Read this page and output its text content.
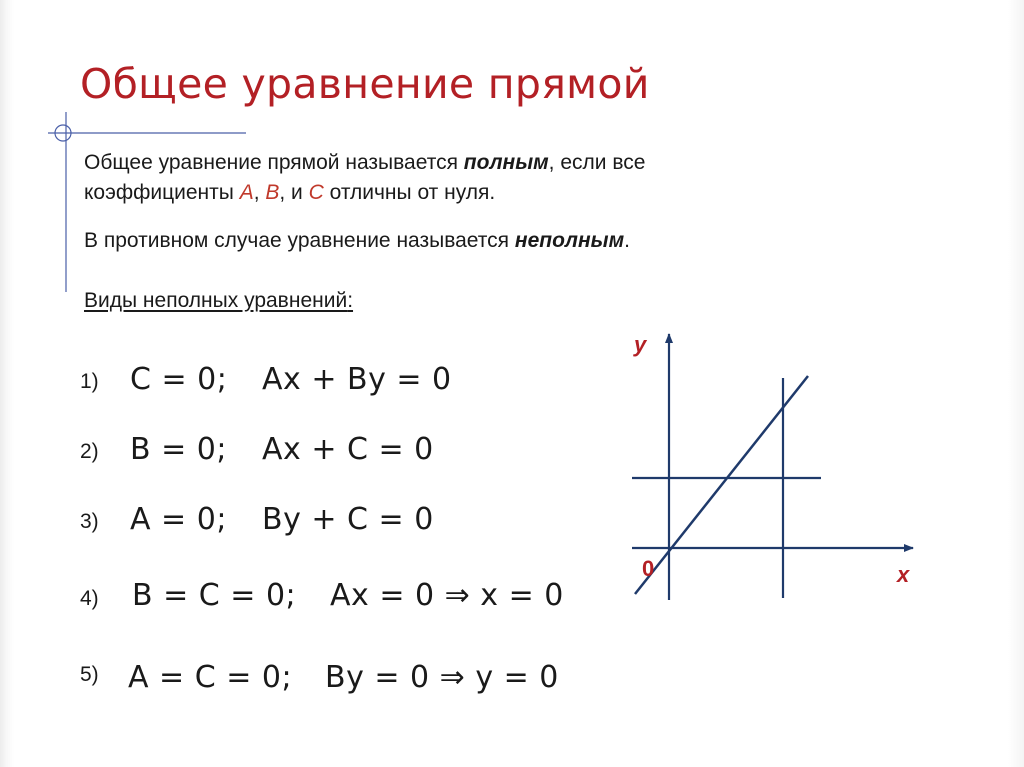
Общее уравнение прямой
Общее уравнение прямой называется полным, если все
коэффициенты А, В, и С отличны от нуля.
В противном случае уравнение называется неполным.
Виды неполных уравнений:
1) C = 0; Ax + By = 0
2) B = 0; Ax + C = 0
3) A = 0; By + C = 0
4) B = C = 0; Ax = 0 ⇒ x = 0
5) A = C = 0; By = 0 ⇒ y = 0
y
x
0
